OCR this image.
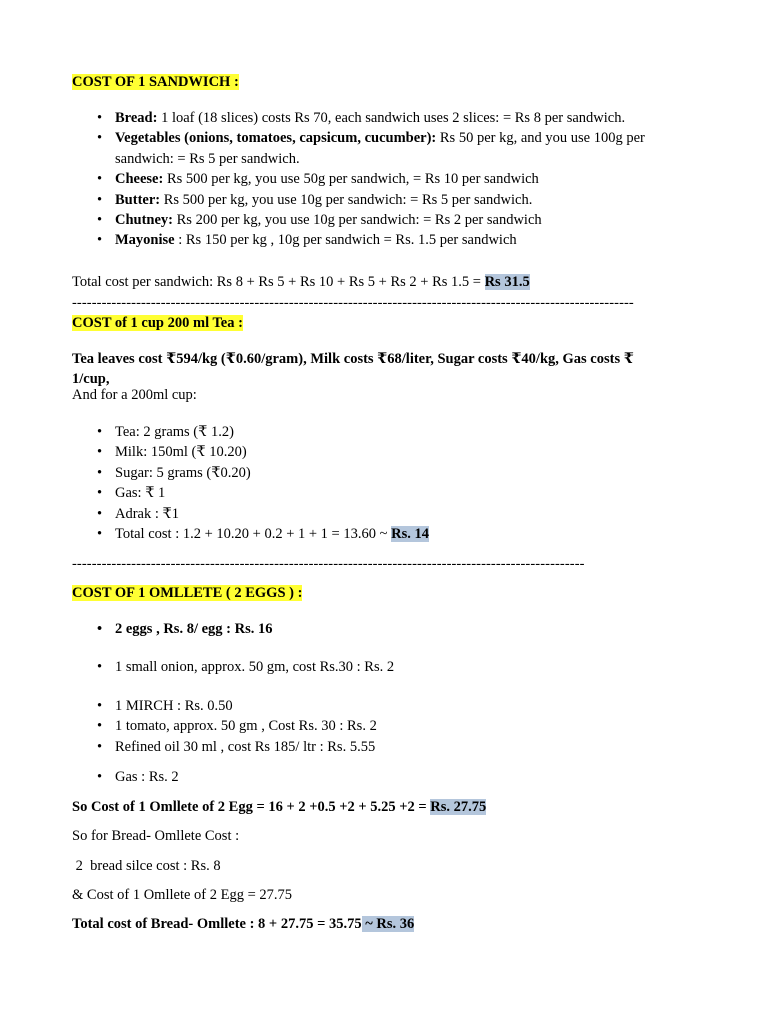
COST OF 1 SANDWICH :
• Bread: 1 loaf (18 slices) costs Rs 70, each sandwich uses 2 slices: = Rs 8 per sandwich.
• Vegetables (onions, tomatoes, capsicum, cucumber): Rs 50 per kg, and you use 100g per
sandwich: = Rs 5 per sandwich.
• Cheese: Rs 500 per kg, you use 50g per sandwich, = Rs 10 per sandwich
• Butter: Rs 500 per kg, you use 10g per sandwich: = Rs 5 per sandwich.
• Chutney: Rs 200 per kg, you use 10g per sandwich: = Rs 2 per sandwich
• Mayonise : Rs 150 per kg , 10g per sandwich = Rs. 1.5 per sandwich
Total cost per sandwich: Rs 8 + Rs 5 + Rs 10 + Rs 5 + Rs 2 + Rs 1.5 = Rs 31.5
------------------------------------------------------------------------------------------------------------------
COST of 1 cup 200 ml Tea :
Tea leaves cost ₹594/kg (₹0.60/gram), Milk costs ₹68/liter, Sugar costs ₹40/kg, Gas costs ₹
1/cup,
And for a 200ml cup:
• Tea: 2 grams (₹ 1.2)
• Milk: 150ml (₹ 10.20)
• Sugar: 5 grams (₹0.20)
• Gas: ₹ 1
• Adrak : ₹1
• Total cost : 1.2 + 10.20 + 0.2 + 1 + 1 = 13.60 ~ Rs. 14
--------------------------------------------------------------------------------------------------------
COST OF 1 OMLLETE ( 2 EGGS ) :
• 2 eggs , Rs. 8/ egg : Rs. 16
• 1 small onion, approx. 50 gm, cost Rs.30 : Rs. 2
• 1 MIRCH : Rs. 0.50
• 1 tomato, approx. 50 gm , Cost Rs. 30 : Rs. 2
• Refined oil 30 ml , cost Rs 185/ ltr : Rs. 5.55
• Gas : Rs. 2
So Cost of 1 Omllete of 2 Egg = 16 + 2 +0.5 +2 + 5.25 +2 = Rs. 27.75
So for Bread- Omllete Cost :
2  bread silce cost : Rs. 8
& Cost of 1 Omllete of 2 Egg = 27.75
Total cost of Bread- Omllete : 8 + 27.75 = 35.75 ~ Rs. 36
